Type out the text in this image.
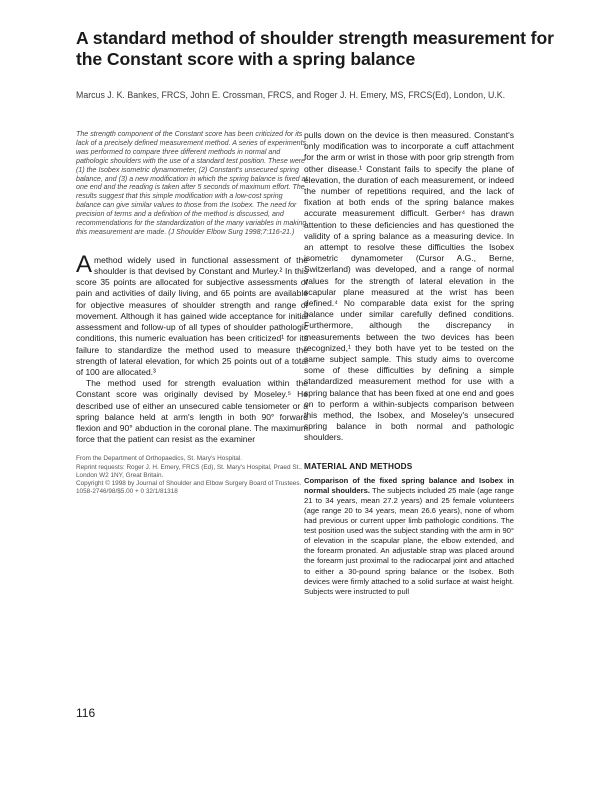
A standard method of shoulder strength measurement for the Constant score with a spring balance

Marcus J. K. Bankes, FRCS, John E. Crossman, FRCS, and Roger J. H. Emery, MS, FRCS(Ed), London, U.K.

The strength component of the Constant score has been criticized for its lack of a precisely defined measurement method. A series of experiments was performed to compare three different methods in normal and pathologic shoulders with the use of a standard test position. These were (1) the Isobex isometric dynamometer, (2) Constant's unsecured spring balance, and (3) a new modification in which the spring balance is fixed at one end and the reading is taken after 5 seconds of maximum effort. The results suggest that this simple modification with a low-cost spring balance can give similar values to those from the Isobex. The need for precision of terms and a definition of the method is discussed, and recommendations for the standardization of the many variables in making this measurement are made. (J Shoulder Elbow Surg 1998;7:116-21.)

A method widely used in functional assessment of the shoulder is that devised by Constant and Murley.² In this score 35 points are allocated for subjective assessments of pain and activities of daily living, and 65 points are available for objective measures of shoulder strength and range of movement. Although it has gained wide acceptance for initial assessment and follow-up of all types of shoulder pathologic conditions, this numeric evaluation has been criticized¹ for its failure to standardize the method used to measure the strength of lateral elevation, for which 25 points out of a total of 100 are allocated.³

The method used for strength evaluation within the Constant score was originally devised by Moseley.⁵ He described use of either an unsecured cable tensiometer or a spring balance held at arm's length in both 90° forward flexion and 90° abduction in the coronal plane. The maximum force that the patient can resist as the examiner

From the Department of Orthopaedics, St. Mary's Hospital.

Reprint requests: Roger J. H. Emery, FRCS (Ed), St. Mary's Hospital, Praed St., London W2 1NY, Great Britain.

Copyright © 1998 by Journal of Shoulder and Elbow Surgery Board of Trustees.

1058-2746/98/$5.00 + 0 32/1/81318

pulls down on the device is then measured. Constant's only modification was to incorporate a cuff attachment for the arm or wrist in those with poor grip strength from other disease.¹ Constant fails to specify the plane of elevation, the duration of each measurement, or indeed the number of repetitions required, and the lack of fixation at both ends of the spring balance makes accurate measurement difficult. Gerber⁴ has drawn attention to these deficiencies and has questioned the validity of a spring balance as a measuring device. In an attempt to resolve these difficulties the Isobex isometric dynamometer (Cursor A.G., Berne, Switzerland) was developed, and a range of normal values for the strength of lateral elevation in the scapular plane measured at the wrist has been defined.⁴ No comparable data exist for the spring balance under similar carefully defined conditions. Furthermore, although the discrepancy in measurements between the two devices has been recognized,¹ they both have yet to be tested on the same subject sample. This study aims to overcome some of these difficulties by defining a simple standardized measurement method for use with a spring balance that has been fixed at one end and goes on to perform a within-subjects comparison between this method, the Isobex, and Moseley's unsecured spring balance in both normal and pathologic shoulders.

MATERIAL AND METHODS

Comparison of the fixed spring balance and Isobex in normal shoulders. The subjects included 25 male (age range 21 to 34 years, mean 27.2 years) and 25 female volunteers (age range 20 to 34 years, mean 26.6 years), none of whom had previous or current upper limb pathologic conditions. The test position used was the subject standing with the arm in 90° of elevation in the scapular plane, the elbow extended, and the forearm pronated. An adjustable strap was placed around the forearm just proximal to the radiocarpal joint and attached to either a 30-pound spring balance or the Isobex. Both devices were firmly attached to a solid surface at waist height. Subjects were instructed to pull

116
